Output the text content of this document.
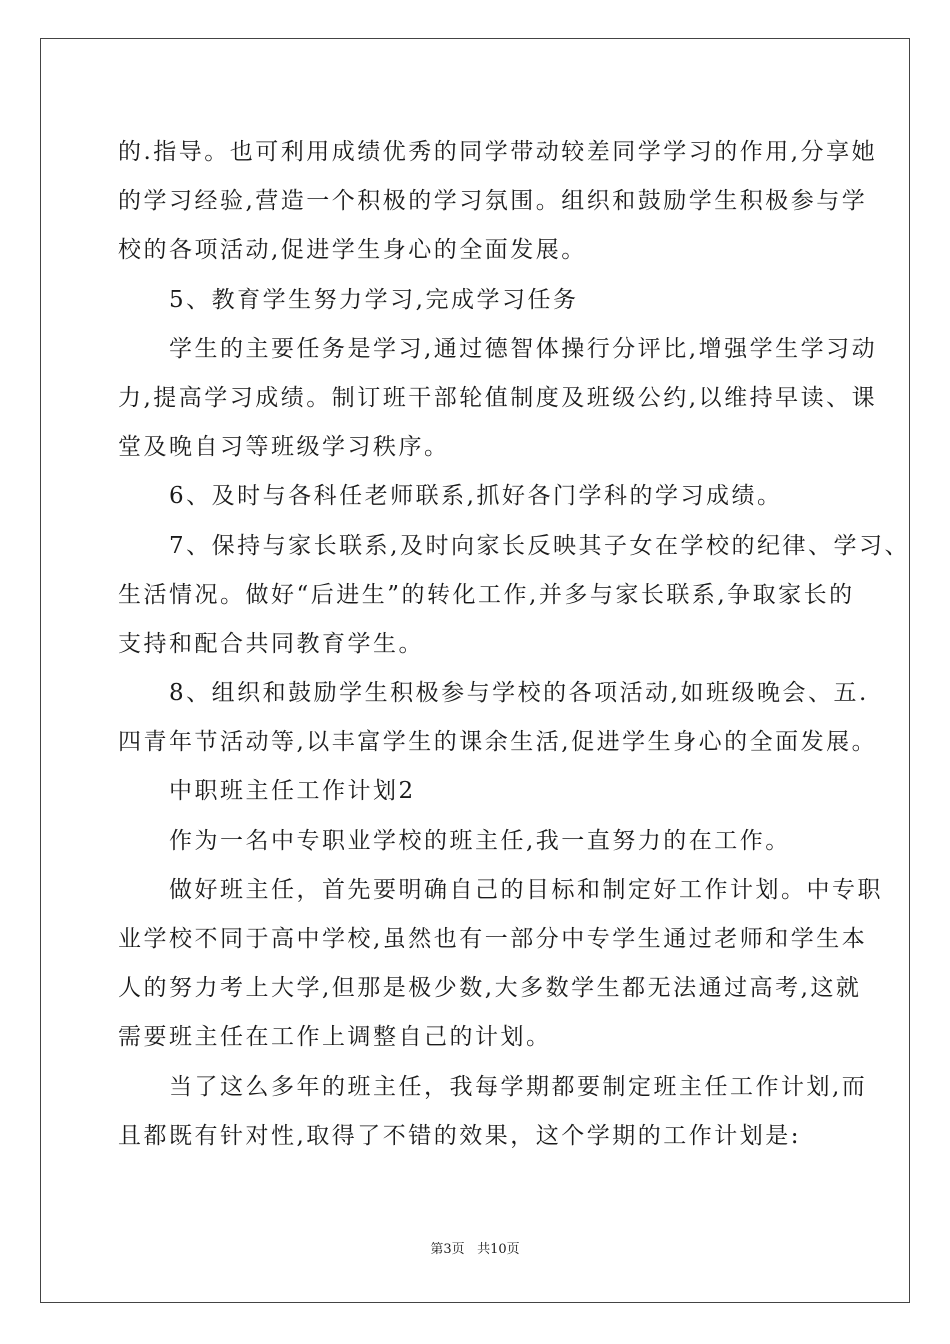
的.指导。也可利用成绩优秀的同学带动较差同学学习的作用,分享她
的学习经验,营造一个积极的学习氛围。组织和鼓励学生积极参与学
校的各项活动,促进学生身心的全面发展。
　　5、教育学生努力学习,完成学习任务
　　学生的主要任务是学习,通过德智体操行分评比,增强学生学习动
力,提高学习成绩。制订班干部轮值制度及班级公约,以维持早读、课
堂及晚自习等班级学习秩序。
　　6、及时与各科任老师联系,抓好各门学科的学习成绩。
　　7、保持与家长联系,及时向家长反映其子女在学校的纪律、学习、
生活情况。做好“后进生”的转化工作,并多与家长联系,争取家长的
支持和配合共同教育学生。
　　8、组织和鼓励学生积极参与学校的各项活动,如班级晚会、五.
四青年节活动等,以丰富学生的课余生活,促进学生身心的全面发展。
　　中职班主任工作计划2
　　作为一名中专职业学校的班主任,我一直努力的在工作。
　　做好班主任，首先要明确自己的目标和制定好工作计划。中专职
业学校不同于高中学校,虽然也有一部分中专学生通过老师和学生本
人的努力考上大学,但那是极少数,大多数学生都无法通过高考,这就
需要班主任在工作上调整自己的计划。
　　当了这么多年的班主任，我每学期都要制定班主任工作计划,而
且都既有针对性,取得了不错的效果，这个学期的工作计划是:
第3页 共10页
